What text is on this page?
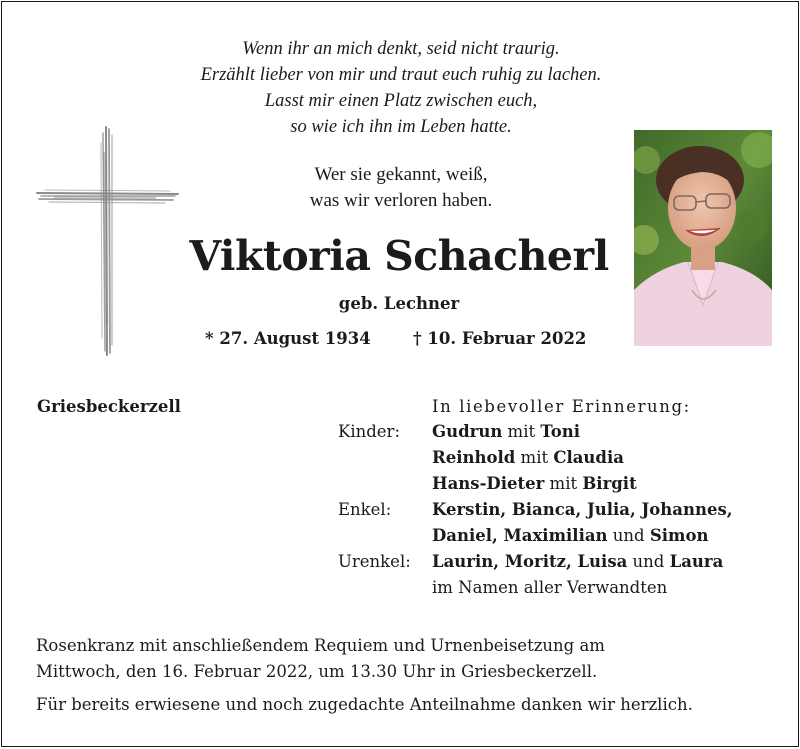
Wenn ihr an mich denkt, seid nicht traurig.
Erzählt lieber von mir und traut euch ruhig zu lachen.
Lasst mir einen Platz zwischen euch,
so wie ich ihn im Leben hatte.
Wer sie gekannt, weiß,
was wir verloren haben.
Viktoria Schacherl
geb. Lechner
* 27. August 1934	† 10. Februar 2022
Griesbeckerzell	In liebevoller Erinnerung:
Kinder: Gudrun mit Toni
Reinhold mit Claudia
Hans-Dieter mit Birgit
Enkel: Kerstin, Bianca, Julia, Johannes,
Daniel, Maximilian und Simon
Urenkel: Laurin, Moritz, Luisa und Laura
im Namen aller Verwandten
Rosenkranz mit anschließendem Requiem und Urnenbeisetzung am
Mittwoch, den 16. Februar 2022, um 13.30 Uhr in Griesbeckerzell.
Für bereits erwiesene und noch zugedachte Anteilnahme danken wir herzlich.
